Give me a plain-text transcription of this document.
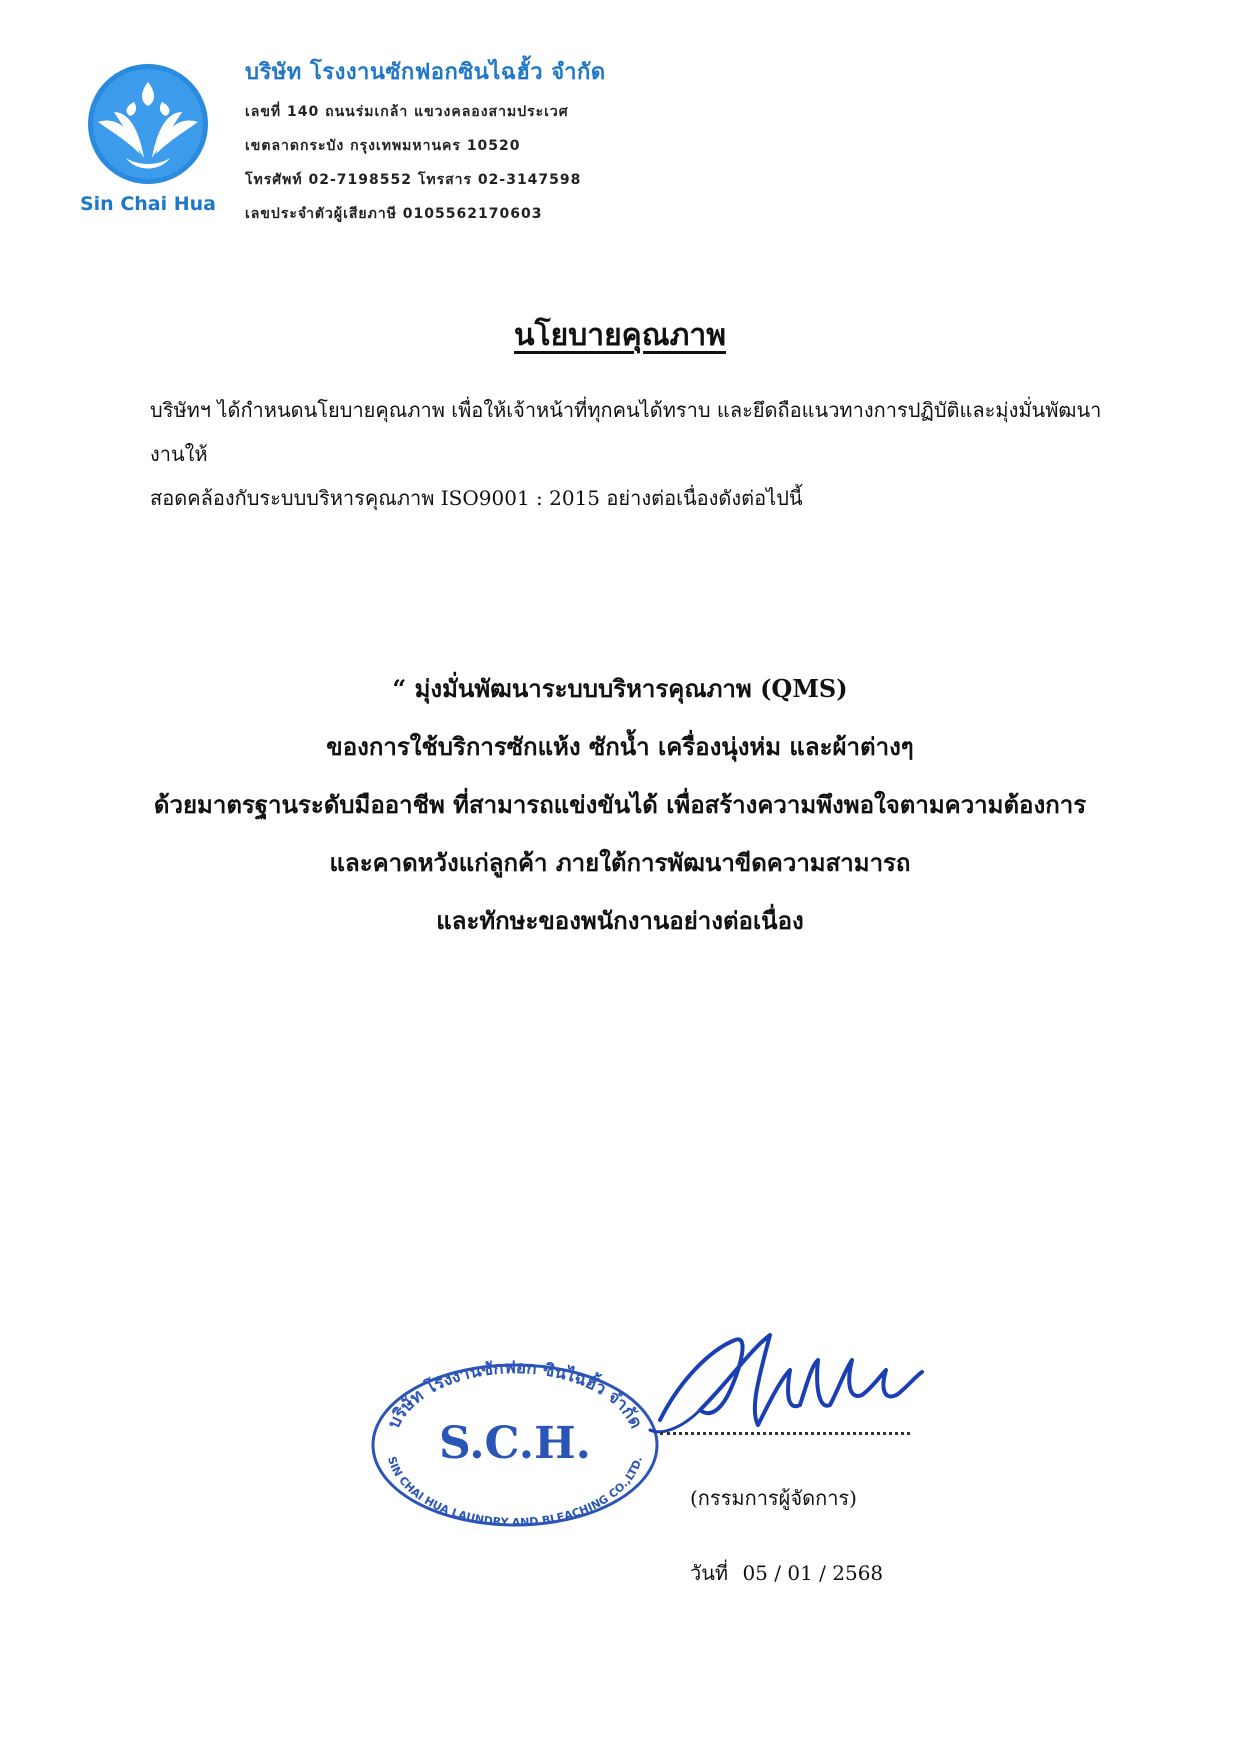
Sin Chai Hua
บริษัท โรงงานซักฟอกซินไฉฮั้ว จำกัด
เลขที่ 140 ถนนร่มเกล้า แขวงคลองสามประเวศ
เขตลาดกระบัง กรุงเทพมหานคร 10520
โทรศัพท์ 02-7198552 โทรสาร 02-3147598
เลขประจำตัวผู้เสียภาษี 0105562170603
นโยบายคุณภาพ
บริษัทฯ ได้กำหนดนโยบายคุณภาพ เพื่อให้เจ้าหน้าที่ทุกคนได้ทราบ และยึดถือแนวทางการปฏิบัติและมุ่งมั่นพัฒนางานให้
สอดคล้องกับระบบบริหารคุณภาพ ISO9001 : 2015 อย่างต่อเนื่องดังต่อไปนี้
“ มุ่งมั่นพัฒนาระบบบริหารคุณภาพ (QMS)
ของการใช้บริการซักแห้ง ซักน้ำ เครื่องนุ่งห่ม และผ้าต่างๆ
ด้วยมาตรฐานระดับมืออาชีพ ที่สามารถแข่งขันได้ เพื่อสร้างความพึงพอใจตามความต้องการ
และคาดหวังแก่ลูกค้า ภายใต้การพัฒนาขีดความสามารถ
และทักษะของพนักงานอย่างต่อเนื่อง
บริษัท โรงงานซักฟอก ซินไฉฮั้ว จำกัด
S.C.H.
SIN CHAI HUA LAUNDRY AND BLEACHING CO.,LTD.
(กรรมการผู้จัดการ)
วันที่ 05 / 01 / 2568
